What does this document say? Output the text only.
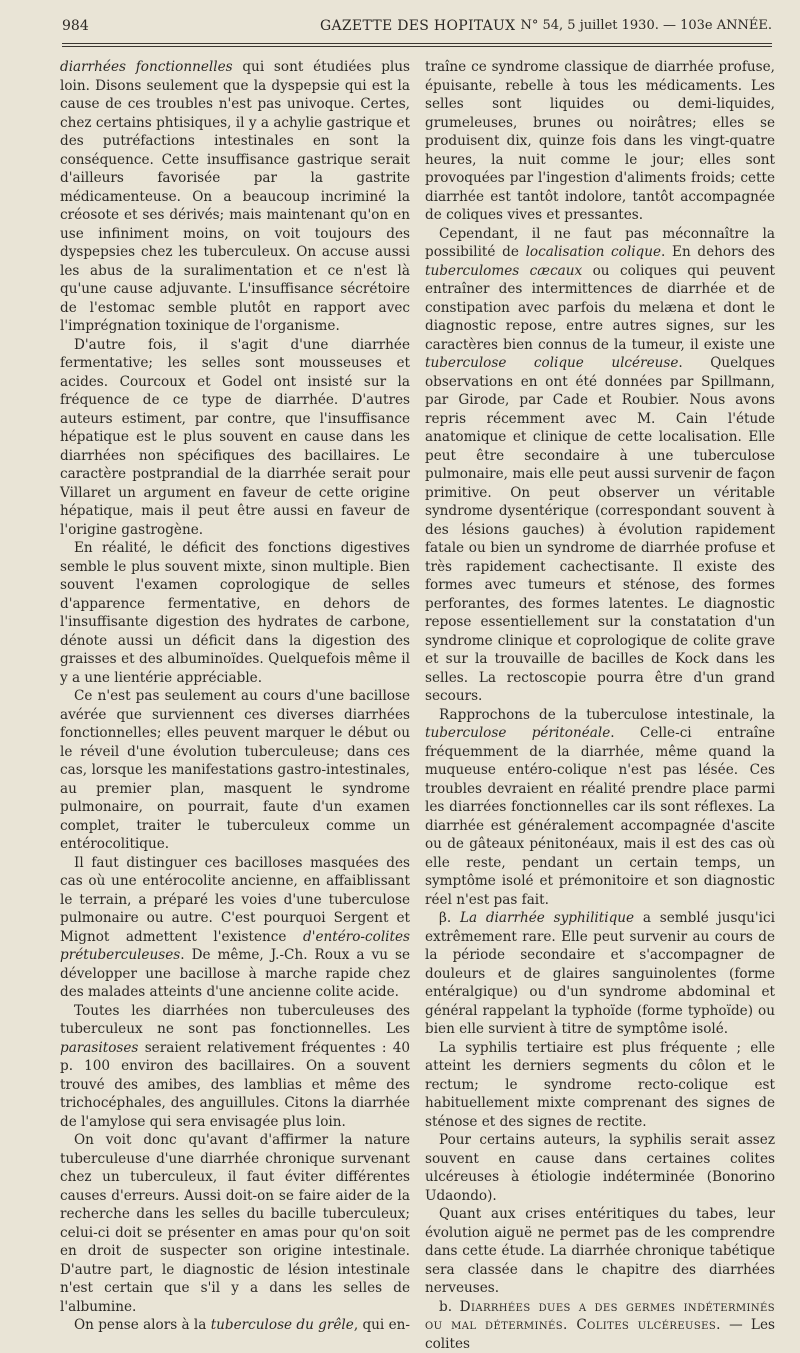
984	GAZETTE DES HOPITAUX N° 54, 5 juillet 1930. — 103e ANNÉE.

diarrhées fonctionnelles qui sont étudiées plus loin. Disons seulement que la dyspepsie qui est la cause de ces troubles n'est pas univoque. Certes, chez certains phtisiques, il y a achylie gastrique et des putréfactions intestinales en sont la conséquence. Cette insuffisance gastrique serait d'ailleurs favorisée par la gastrite médicamenteuse. On a beaucoup incriminé la créosote et ses dérivés; mais maintenant qu'on en use infiniment moins, on voit toujours des dyspepsies chez les tuberculeux. On accuse aussi les abus de la suralimentation et ce n'est là qu'une cause adjuvante. L'insuffisance sécrétoire de l'estomac semble plutôt en rapport avec l'imprégnation toxinique de l'organisme.

D'autre fois, il s'agit d'une diarrhée fermentative; les selles sont mousseuses et acides. Courcoux et Godel ont insisté sur la fréquence de ce type de diarrhée. D'autres auteurs estiment, par contre, que l'insuffisance hépatique est le plus souvent en cause dans les diarrhées non spécifiques des bacillaires. Le caractère postprandial de la diarrhée serait pour Villaret un argument en faveur de cette origine hépatique, mais il peut être aussi en faveur de l'origine gastrogène.

En réalité, le déficit des fonctions digestives semble le plus souvent mixte, sinon multiple. Bien souvent l'examen coprologique de selles d'apparence fermentative, en dehors de l'insuffisante digestion des hydrates de carbone, dénote aussi un déficit dans la digestion des graisses et des albuminoïdes. Quelquefois même il y a une lientérie appréciable.

Ce n'est pas seulement au cours d'une bacillose avérée que surviennent ces diverses diarrhées fonctionnelles; elles peuvent marquer le début ou le réveil d'une évolution tuberculeuse; dans ces cas, lorsque les manifestations gastro-intestinales, au premier plan, masquent le syndrome pulmonaire, on pourrait, faute d'un examen complet, traiter le tuberculeux comme un entérocolitique.

Il faut distinguer ces bacilloses masquées des cas où une entérocolite ancienne, en affaiblissant le terrain, a préparé les voies d'une tuberculose pulmonaire ou autre. C'est pourquoi Sergent et Mignot admettent l'existence d'entéro-colites prétuberculeuses. De même, J.-Ch. Roux a vu se développer une bacillose à marche rapide chez des malades atteints d'une ancienne colite acide.

Toutes les diarrhées non tuberculeuses des tuberculeux ne sont pas fonctionnelles. Les parasitoses seraient relativement fréquentes : 40 p. 100 environ des bacillaires. On a souvent trouvé des amibes, des lamblias et même des trichocéphales, des anguillules. Citons la diarrhée de l'amylose qui sera envisagée plus loin.

On voit donc qu'avant d'affirmer la nature tuberculeuse d'une diarrhée chronique survenant chez un tuberculeux, il faut éviter différentes causes d'erreurs. Aussi doit-on se faire aider de la recherche dans les selles du bacille tuberculeux; celui-ci doit se présenter en amas pour qu'on soit en droit de suspecter son origine intestinale. D'autre part, le diagnostic de lésion intestinale n'est certain que s'il y a dans les selles de l'albumine.

On pense alors à la tuberculose du grêle, qui en-

traîne ce syndrome classique de diarrhée profuse, épuisante, rebelle à tous les médicaments. Les selles sont liquides ou demi-liquides, grumeleuses, brunes ou noirâtres; elles se produisent dix, quinze fois dans les vingt-quatre heures, la nuit comme le jour; elles sont provoquées par l'ingestion d'aliments froids; cette diarrhée est tantôt indolore, tantôt accompagnée de coliques vives et pressantes.

Cependant, il ne faut pas méconnaître la possibilité de localisation colique. En dehors des tuberculomes cæcaux ou coliques qui peuvent entraîner des intermittences de diarrhée et de constipation avec parfois du melæna et dont le diagnostic repose, entre autres signes, sur les caractères bien connus de la tumeur, il existe une tuberculose colique ulcéreuse. Quelques observations en ont été données par Spillmann, par Girode, par Cade et Roubier. Nous avons repris récemment avec M. Cain l'étude anatomique et clinique de cette localisation. Elle peut être secondaire à une tuberculose pulmonaire, mais elle peut aussi survenir de façon primitive. On peut observer un véritable syndrome dysentérique (correspondant souvent à des lésions gauches) à évolution rapidement fatale ou bien un syndrome de diarrhée profuse et très rapidement cachectisante. Il existe des formes avec tumeurs et sténose, des formes perforantes, des formes latentes. Le diagnostic repose essentiellement sur la constatation d'un syndrome clinique et coprologique de colite grave et sur la trouvaille de bacilles de Kock dans les selles. La rectoscopie pourra être d'un grand secours.

Rapprochons de la tuberculose intestinale, la tuberculose péritonéale. Celle-ci entraîne fréquemment de la diarrhée, même quand la muqueuse entéro-colique n'est pas lésée. Ces troubles devraient en réalité prendre place parmi les diarrées fonctionnelles car ils sont réflexes. La diarrhée est généralement accompagnée d'ascite ou de gâteaux pénitonéaux, mais il est des cas où elle reste, pendant un certain temps, un symptôme isolé et prémonitoire et son diagnostic réel n'est pas fait.

β. La diarrhée syphilitique a semblé jusqu'ici extrêmement rare. Elle peut survenir au cours de la période secondaire et s'accompagner de douleurs et de glaires sanguinolentes (forme entéralgique) ou d'un syndrome abdominal et général rappelant la typhoïde (forme typhoïde) ou bien elle survient à titre de symptôme isolé.

La syphilis tertiaire est plus fréquente ; elle atteint les derniers segments du côlon et le rectum; le syndrome recto-colique est habituellement mixte comprenant des signes de sténose et des signes de rectite.

Pour certains auteurs, la syphilis serait assez souvent en cause dans certaines colites ulcéreuses à étiologie indéterminée (Bonorino Udaondo).

Quant aux crises entéritiques du tabes, leur évolution aiguë ne permet pas de les comprendre dans cette étude. La diarrhée chronique tabétique sera classée dans le chapitre des diarrhées nerveuses.

b. Diarrhées dues a des germes indéterminés ou mal déterminés. Colites ulcéreuses. — Les colites
